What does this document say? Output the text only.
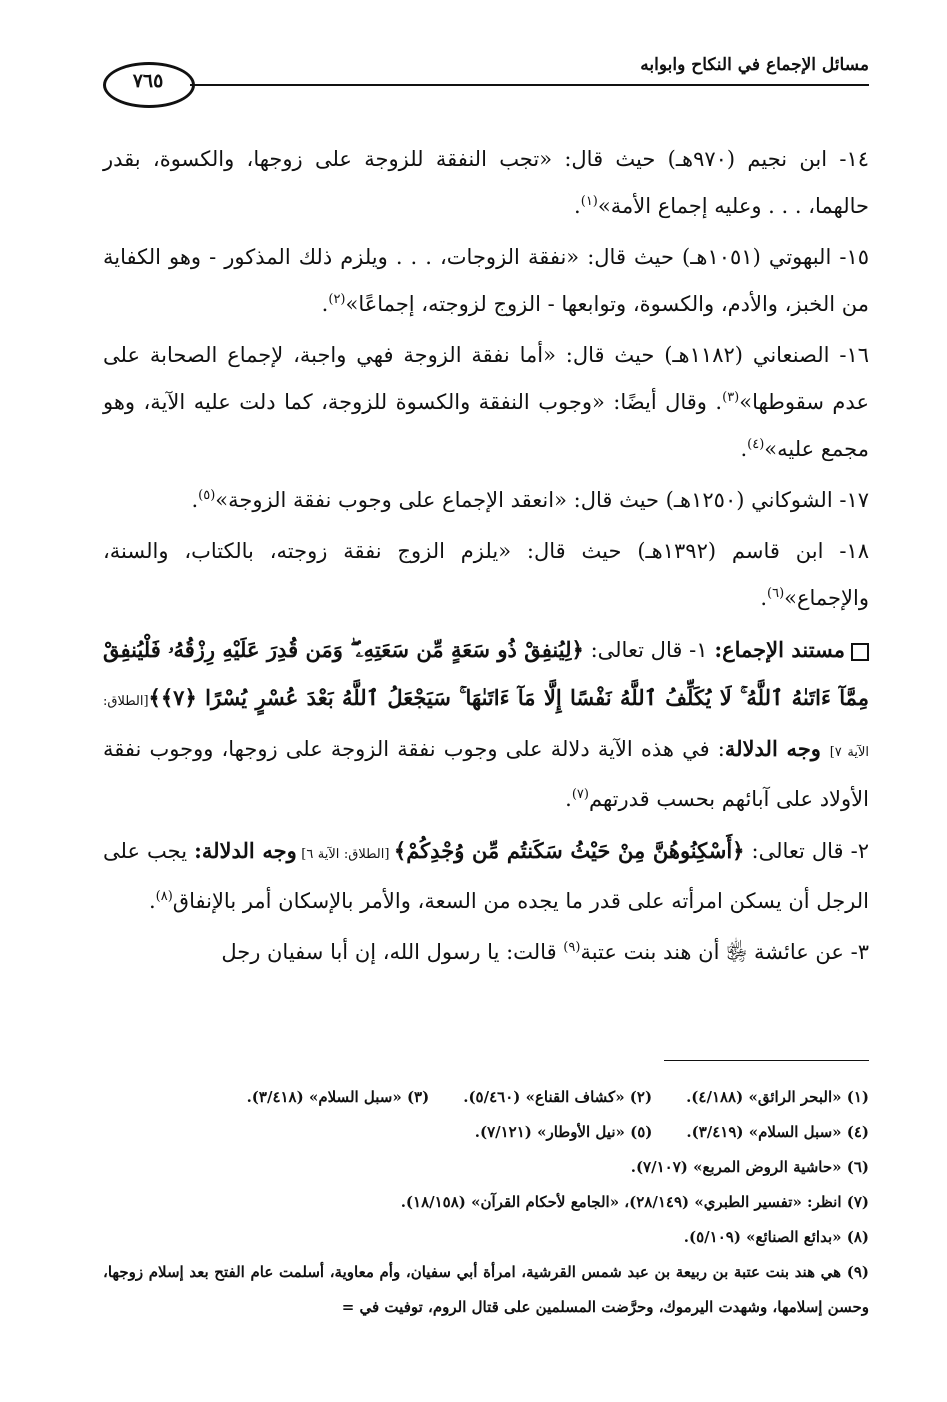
مسائل الإجماع في النكاح وابوابه
٧٦٥

١٤- ابن نجيم (٩٧٠هـ) حيث قال: «تجب النفقة للزوجة على زوجها، والكسوة، بقدر حالهما، . . . وعليه إجماع الأمة»$^{(١)}$.

١٥- البهوتي (١٠٥١هـ) حيث قال: «نفقة الزوجات، . . . ويلزم ذلك المذكور - وهو الكفاية من الخبز، والأدم، والكسوة، وتوابعها - الزوج لزوجته، إجماعًا»$^{(٢)}$.

١٦- الصنعاني (١١٨٢هـ) حيث قال: «أما نفقة الزوجة فهي واجبة، لإجماع الصحابة على عدم سقوطها»$^{(٣)}$. وقال أيضًا: «وجوب النفقة والكسوة للزوجة، كما دلت عليه الآية، وهو مجمع عليه»$^{(٤)}$.

١٧- الشوكاني (١٢٥٠هـ) حيث قال: «انعقد الإجماع على وجوب نفقة الزوجة»$^{(٥)}$.

١٨- ابن قاسم (١٣٩٢هـ) حيث قال: «يلزم الزوج نفقة زوجته، بالكتاب، والسنة، والإجماع»$^{(٦)}$.

مستند الإجماع: ١- قال تعالى: ﴿لِيُنفِقْ ذُو سَعَةٍ مِّن سَعَتِهِۦ ۖ وَمَن قُدِرَ عَلَيْهِ رِزْقُهُۥ فَلْيُنفِقْ مِمَّآ ءَاتَىٰهُ ٱللَّهُ ۚ لَا يُكَلِّفُ ٱللَّهُ نَفْسًا إِلَّا مَآ ءَاتَىٰهَا ۚ سَيَجْعَلُ ٱللَّهُ بَعْدَ عُسْرٍ يُسْرًا ﴿٧﴾﴾[الطلاق: الآية ٧] وجه الدلالة: في هذه الآية دلالة على وجوب نفقة الزوجة على زوجها، ووجوب نفقة الأولاد على آبائهم بحسب قدرتهم$^{(٧)}$.

٢- قال تعالى: ﴿أَسْكِنُوهُنَّ مِنْ حَيْثُ سَكَنتُم مِّن وُجْدِكُمْ﴾ [الطلاق: الآية ٦] وجه الدلالة: يجب على الرجل أن يسكن امرأته على قدر ما يجده من السعة، والأمر بالإسكان أمر بالإنفاق$^{(٨)}$.

٣- عن عائشة ﵂ أن هند بنت عتبة$^{(٩)}$ قالت: يا رسول الله، إن أبا سفيان رجل

(١) «البحر الرائق» (٤/١٨٨).
(٢) «كشاف القناع» (٥/٤٦٠).
(٣) «سبل السلام» (٣/٤١٨).
(٤) «سبل السلام» (٣/٤١٩).
(٥) «نيل الأوطار» (٧/١٢١).
(٦) «حاشية الروض المربع» (٧/١٠٧).
(٧) انظر: «تفسير الطبري» (٢٨/١٤٩)، «الجامع لأحكام القرآن» (١٨/١٥٨).
(٨) «بدائع الصنائع» (٥/١٠٩).
(٩) هي هند بنت عتبة بن ربيعة بن عبد شمس القرشية، امرأة أبي سفيان، وأم معاوية، أسلمت عام الفتح بعد إسلام زوجها، وحسن إسلامها، وشهدت اليرموك، وحرَّضت المسلمين على قتال الروم، توفيت في =
